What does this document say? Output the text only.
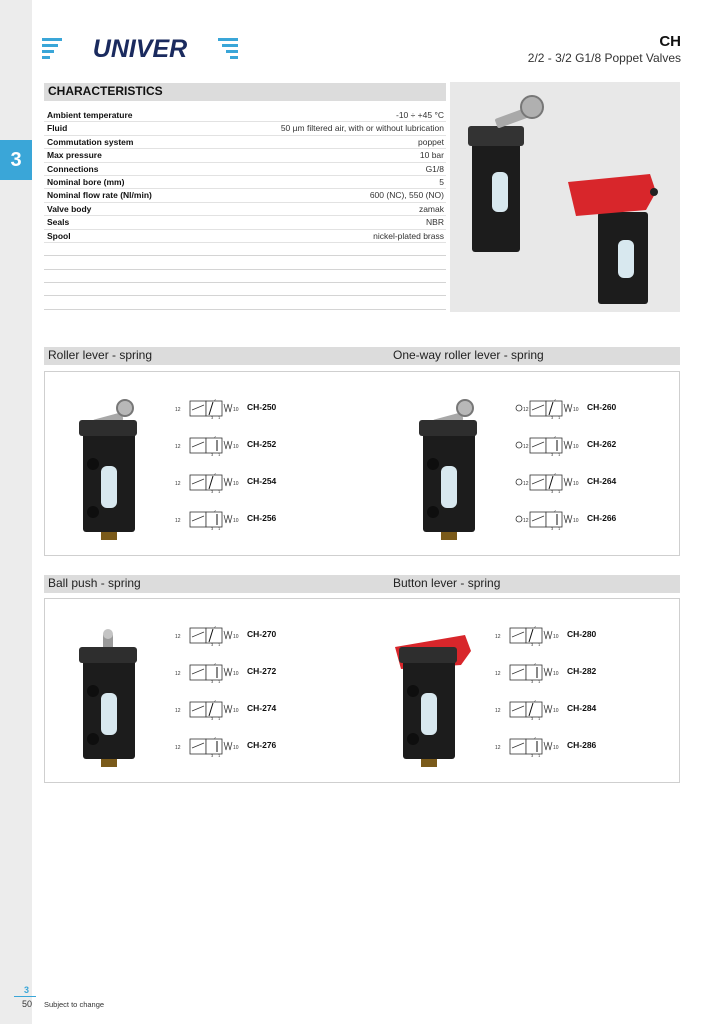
3
UNIVER	CH
2/2 - 3/2 G1/8 Poppet Valves
CHARACTERISTICS
Ambient temperature	-10 ÷ +45 °C
Fluid	50 µm filtered air, with or without lubrication
Commutation system	poppet
Max pressure	10 bar
Connections	G1/8
Nominal bore (mm)	5
Nominal flow rate (Nl/min)	600 (NC), 550 (NO)
Valve body	zamak
Seals	NBR
Spool	nickel-plated brass
Roller lever - spring	One-way roller lever - spring
12	10
2
3 1
CH-250
12	10
2
3 1
CH-252
12	10
2
3 1
CH-254
12	10
2
3 1
CH-256
12	10
2
3 1
CH-260
12	10
2
3 1
CH-262
12	10
2
3 1
CH-264
12	10
2
3 1
CH-266
Ball push - spring	Button lever - spring
12	10
2
3 1
CH-270
12	10
2
3 1
CH-272
12	10
2
3 1
CH-274
12	10
2
3 1
CH-276
12	10
2
3 1
CH-280
12	10
2
3 1
CH-282
12	10
2
3 1
CH-284
12	10
2
3 1
CH-286
3
50 Subject to change
